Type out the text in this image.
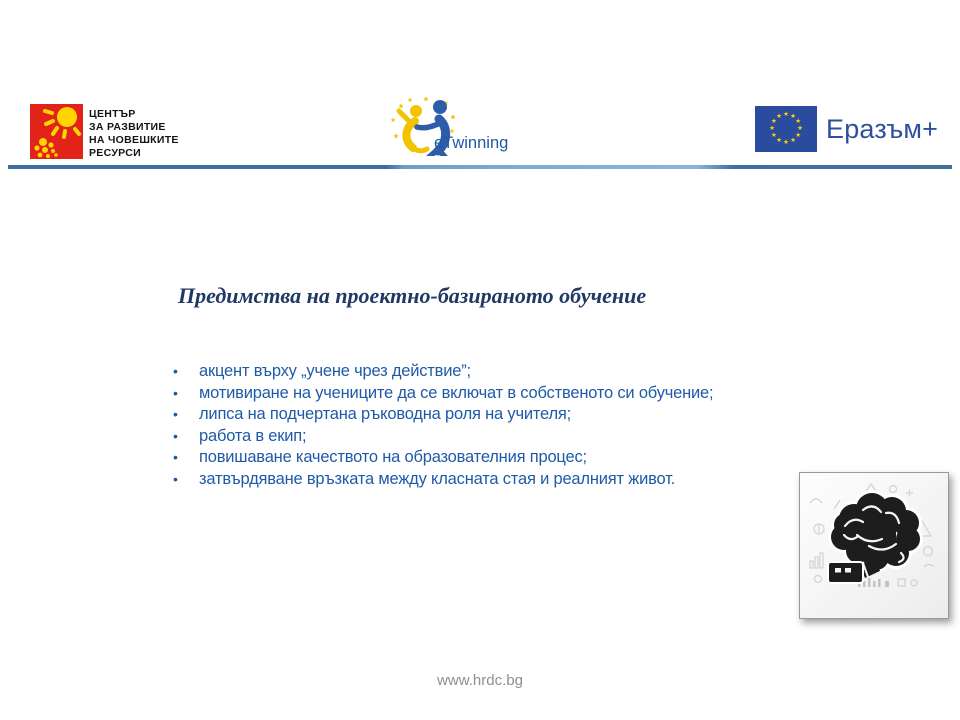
ЦЕНТЪР
ЗА РАЗВИТИЕ
НА ЧОВЕШКИТЕ
РЕСУРСИ
eTwinning
★ ★
★
★
★
★
★
★
★
★
★
★ Еразъм+
Предимства на проектно-базираното обучение
•	акцент върху „учене чрез действие”;
•	мотивиране на учениците да се включат в собственото си обучение;
•	липса на подчертана ръководна роля на учителя;
•	работа в екип;
•	повишаване качеството на образователния процес;
•	затвърдяване връзката между класната стая и реалният живот.
www.hrdc.bg
